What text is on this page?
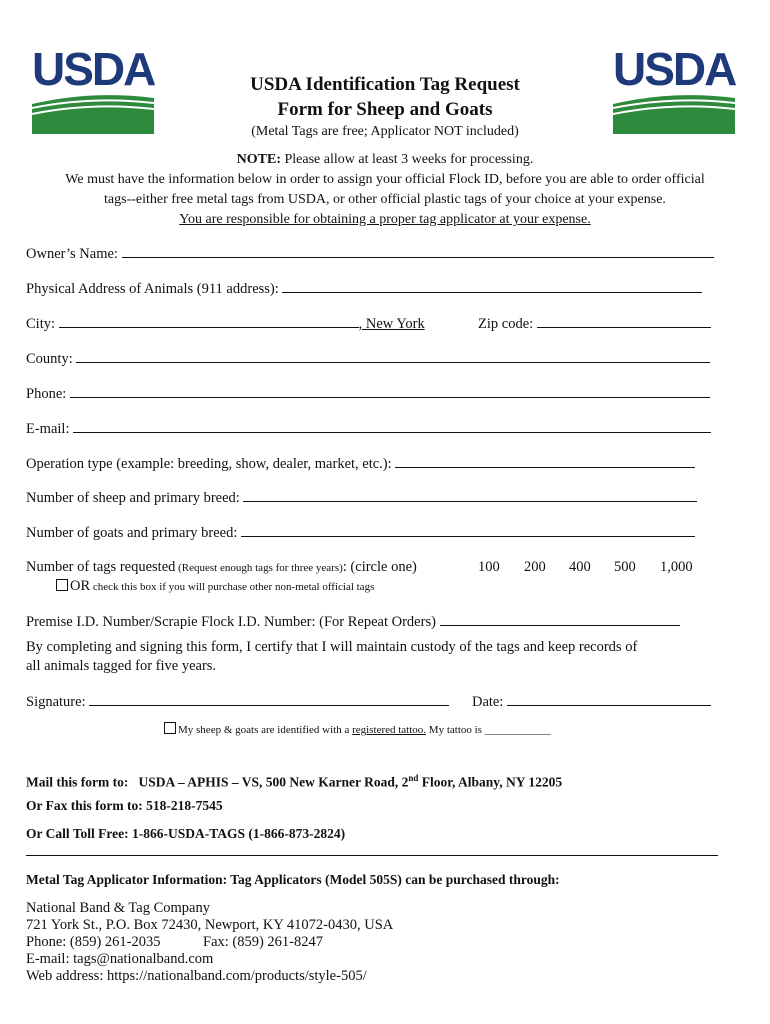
USDA	USDA
USDA Identification Tag Request
Form for Sheep and Goats
(Metal Tags are free; Applicator NOT included)
NOTE: Please allow at least 3 weeks for processing.
We must have the information below in order to assign your official Flock ID, before you are able to order official
tags--either free metal tags from USDA, or other official plastic tags of your choice at your expense.
You are responsible for obtaining a proper tag applicator at your expense.
Owner’s Name:
Physical Address of Animals (911 address):
City:	, New York	Zip code:
County:
Phone:
E-mail:
Operation type (example: breeding, show, dealer, market, etc.):
Number of sheep and primary breed:
Number of goats and primary breed:
Number of tags requested (Request enough tags for three years): (circle one)	100 200 400 500 1,000
OR check this box if you will purchase other non-metal official tags
Premise I.D. Number/Scrapie Flock I.D. Number: (For Repeat Orders)
By completing and signing this form, I certify that I will maintain custody of the tags and keep records of
all animals tagged for five years.
Signature:	Date:
My sheep & goats are identified with a registered tattoo. My tattoo is ____________
Mail this form to:   USDA – APHIS – VS, 500 New Karner Road, 2nd Floor, Albany, NY 12205
Or Fax this form to: 518-218-7545
Or Call Toll Free: 1-866-USDA-TAGS (1-866-873-2824)
Metal Tag Applicator Information: Tag Applicators (Model 505S) can be purchased through:
National Band & Tag Company
721 York St., P.O. Box 72430, Newport, KY 41072-0430, USA
Phone: (859) 261-2035	Fax: (859) 261-8247
E-mail: tags@nationalband.com
Web address: https://nationalband.com/products/style-505/
